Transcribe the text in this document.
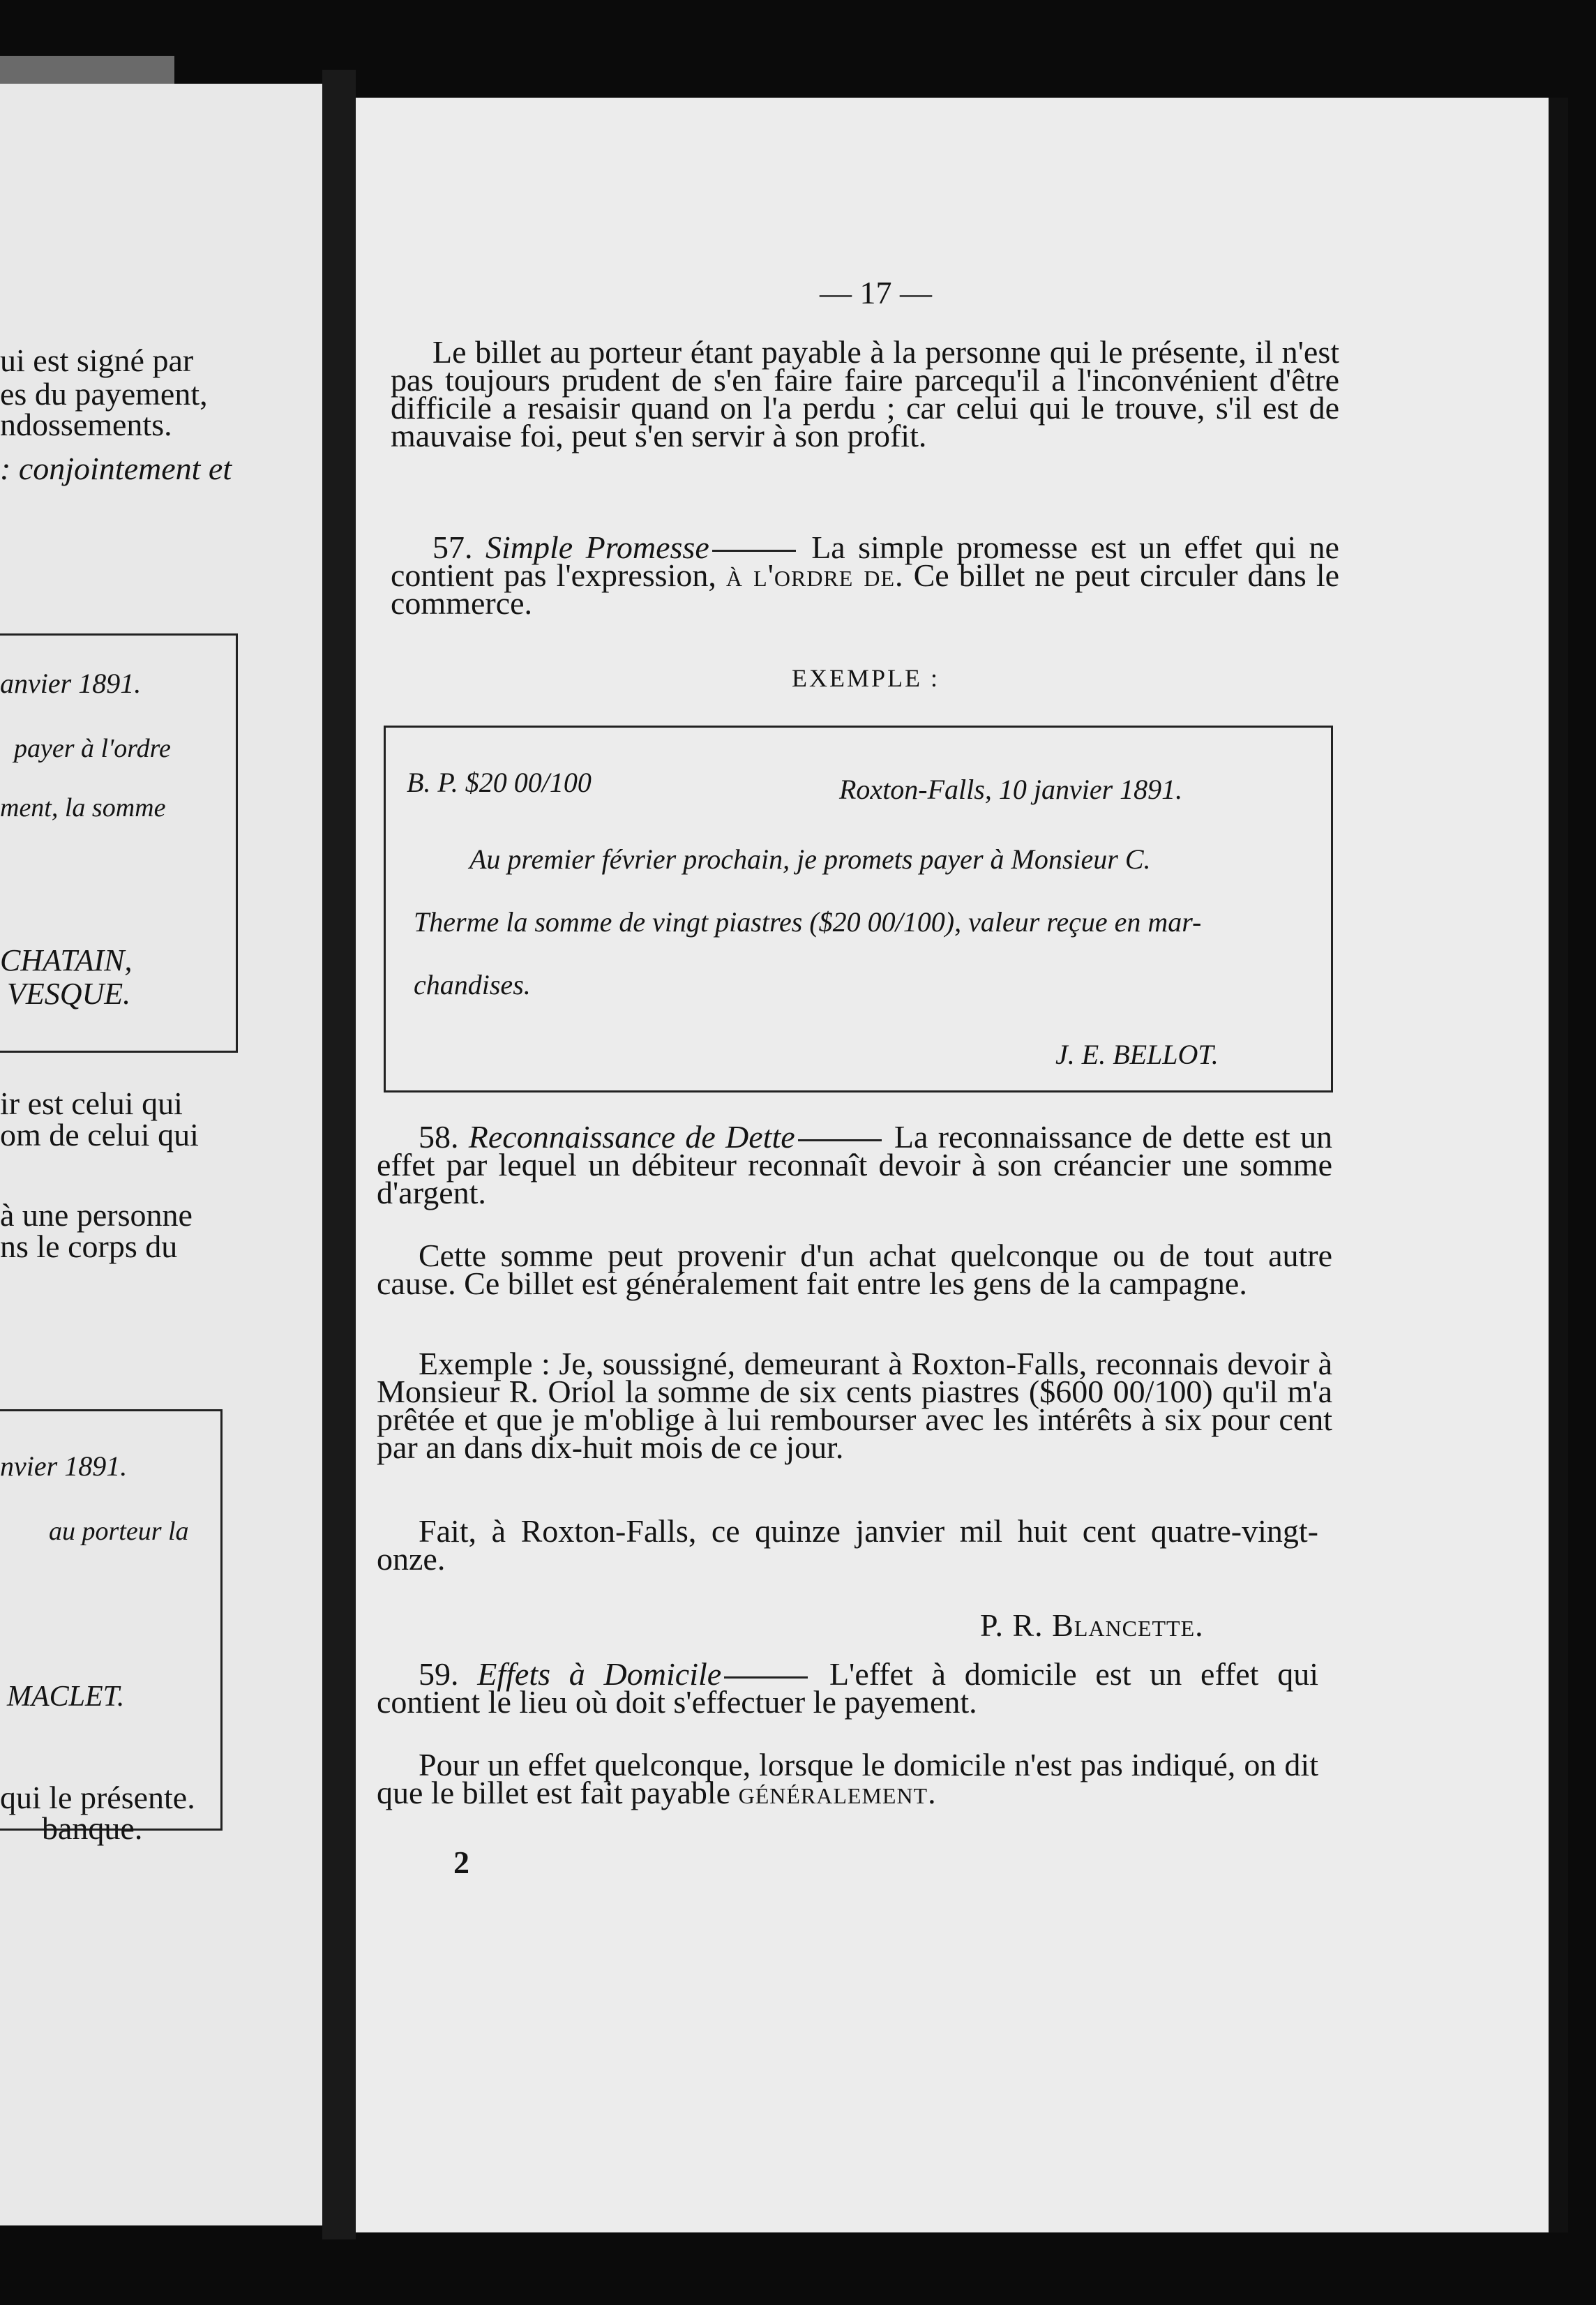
ui est signé par
es du payement,
ndossements.
: conjointement et
anvier 1891.
payer à l'ordre
ment, la somme
CHATAIN,
VESQUE.
ir est celui qui
om de celui qui
à une personne
ns le corps du
nvier 1891.
au porteur la
MACLET.
qui le présente.
banque.
— 17 —
Le billet au porteur étant payable à la personne qui le présente, il n'est pas toujours prudent de s'en faire faire parcequ'il a l'inconvénient d'être difficile a resaisir quand on l'a perdu ; car celui qui le trouve, s'il est de mauvaise foi, peut s'en servir à son profit.
57. Simple Promesse	La simple promesse est un effet qui ne contient pas l'expression, à l'ordre de. Ce billet ne peut circuler dans le commerce.
EXEMPLE :
B. P. $20 00/100	Roxton-Falls, 10 janvier 1891.
Au premier février prochain, je promets payer à Monsieur C.
Therme la somme de vingt piastres ($20 00/100), valeur reçue en mar-
chandises.
J. E. BELLOT.
58. Reconnaissance de Dette	La reconnaissance de dette est un effet par lequel un débiteur reconnaît devoir à son créancier une somme d'argent.
Cette somme peut provenir d'un achat quelconque ou de tout autre cause. Ce billet est généralement fait entre les gens de la campagne.
Exemple : Je, soussigné, demeurant à Roxton-Falls, reconnais devoir à Monsieur R. Oriol la somme de six cents piastres ($600 00/100) qu'il m'a prêtée et que je m'oblige à lui rembourser avec les intérêts à six pour cent par an dans dix-huit mois de ce jour.
Fait, à Roxton-Falls, ce quinze janvier mil huit cent quatre-vingt-onze.
P. R. Blancette.
59. Effets à Domicile	L'effet à domicile est un effet qui contient le lieu où doit s'effectuer le payement.
Pour un effet quelconque, lorsque le domicile n'est pas indiqué, on dit que le billet est fait payable généralement.
2
